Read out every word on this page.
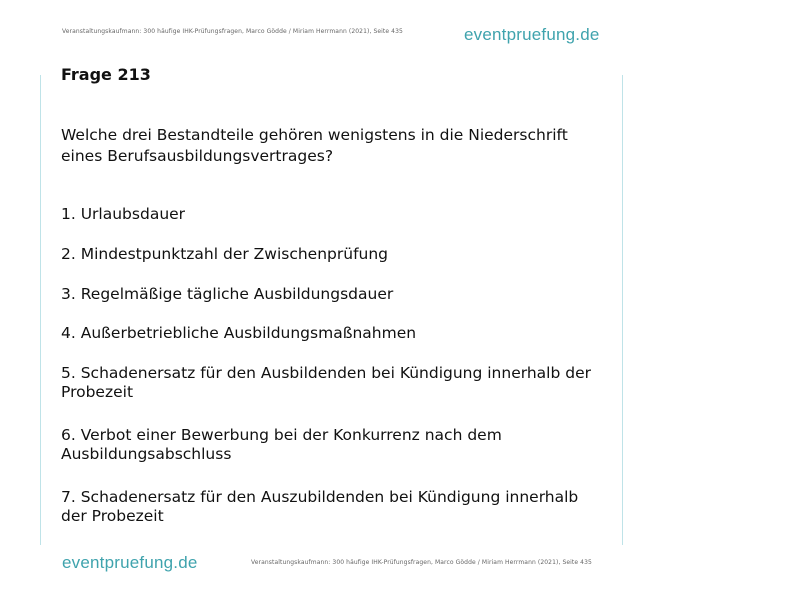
Veranstaltungskaufmann: 300 häufige IHK-Prüfungsfragen, Marco Gödde / Miriam Herrmann (2021), Seite 435	eventpruefung.de
Frage 213

Welche drei Bestandteile gehören wenigstens in die Niederschrift eines Berufsausbildungsvertrages?

1. Urlaubsdauer
2. Mindestpunktzahl der Zwischenprüfung
3. Regelmäßige tägliche Ausbildungsdauer
4. Außerbetriebliche Ausbildungsmaßnahmen
5. Schadenersatz für den Ausbildenden bei Kündigung innerhalb der Probezeit
6. Verbot einer Bewerbung bei der Konkurrenz nach dem Ausbildungsabschluss
7. Schadenersatz für den Auszubildenden bei Kündigung innerhalb der Probezeit
eventpruefung.de	Veranstaltungskaufmann: 300 häufige IHK-Prüfungsfragen, Marco Gödde / Miriam Herrmann (2021), Seite 435
